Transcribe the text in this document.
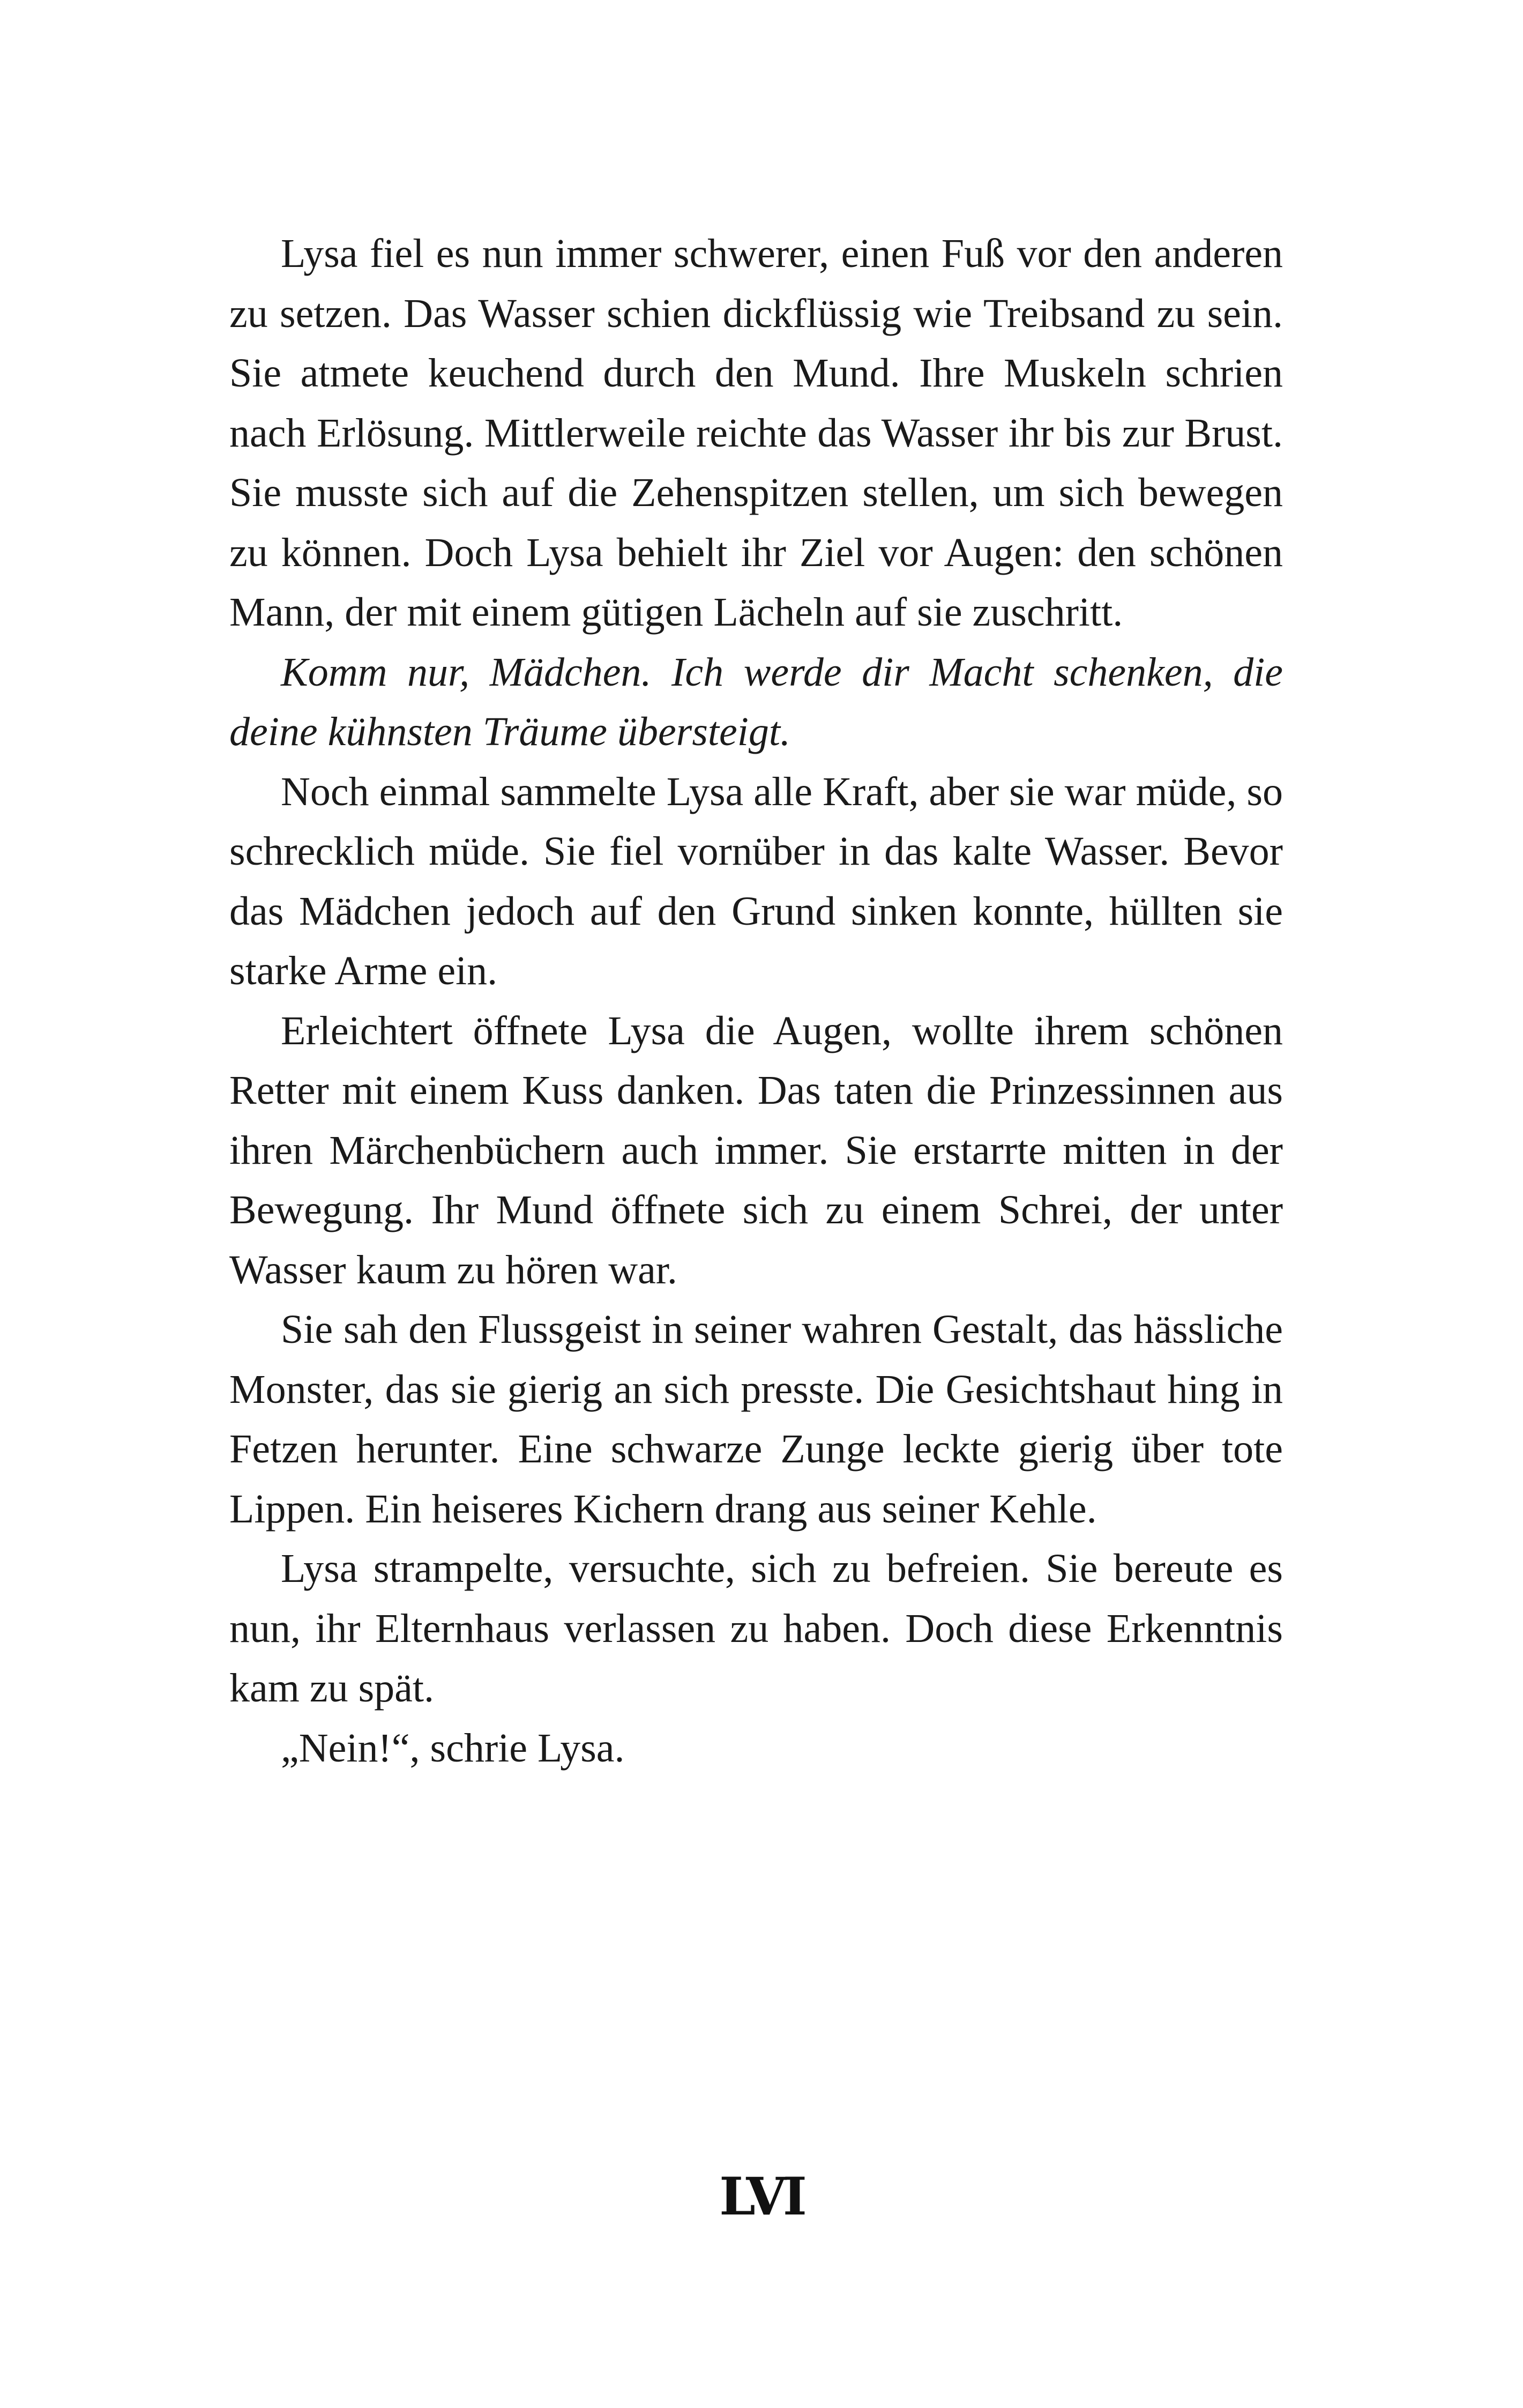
Lysa fiel es nun immer schwerer, einen Fuß vor den anderen zu setzen. Das Wasser schien dickflüssig wie Treibsand zu sein. Sie atmete keuchend durch den Mund. Ihre Muskeln schrien nach Erlösung. Mittlerweile reichte das Wasser ihr bis zur Brust. Sie musste sich auf die Zehenspitzen stellen, um sich bewegen zu können. Doch Lysa behielt ihr Ziel vor Augen: den schönen Mann, der mit einem gütigen Lächeln auf sie zuschritt.

Komm nur, Mädchen. Ich werde dir Macht schenken, die deine kühnsten Träume übersteigt.

Noch einmal sammelte Lysa alle Kraft, aber sie war müde, so schrecklich müde. Sie fiel vornüber in das kalte Wasser. Bevor das Mädchen jedoch auf den Grund sinken konnte, hüllten sie starke Arme ein.

Erleichtert öffnete Lysa die Augen, wollte ihrem schönen Retter mit einem Kuss danken. Das taten die Prinzessinnen aus ihren Märchenbüchern auch immer. Sie erstarrte mitten in der Bewegung. Ihr Mund öffnete sich zu einem Schrei, der unter Wasser kaum zu hören war.

Sie sah den Flussgeist in seiner wahren Gestalt, das hässliche Monster, das sie gierig an sich presste. Die Gesichtshaut hing in Fetzen herunter. Eine schwarze Zunge leckte gierig über tote Lippen. Ein heiseres Kichern drang aus seiner Kehle.

Lysa strampelte, versuchte, sich zu befreien. Sie bereute es nun, ihr Elternhaus verlassen zu haben. Doch diese Erkenntnis kam zu spät.

„Nein!“, schrie Lysa.

LVI
